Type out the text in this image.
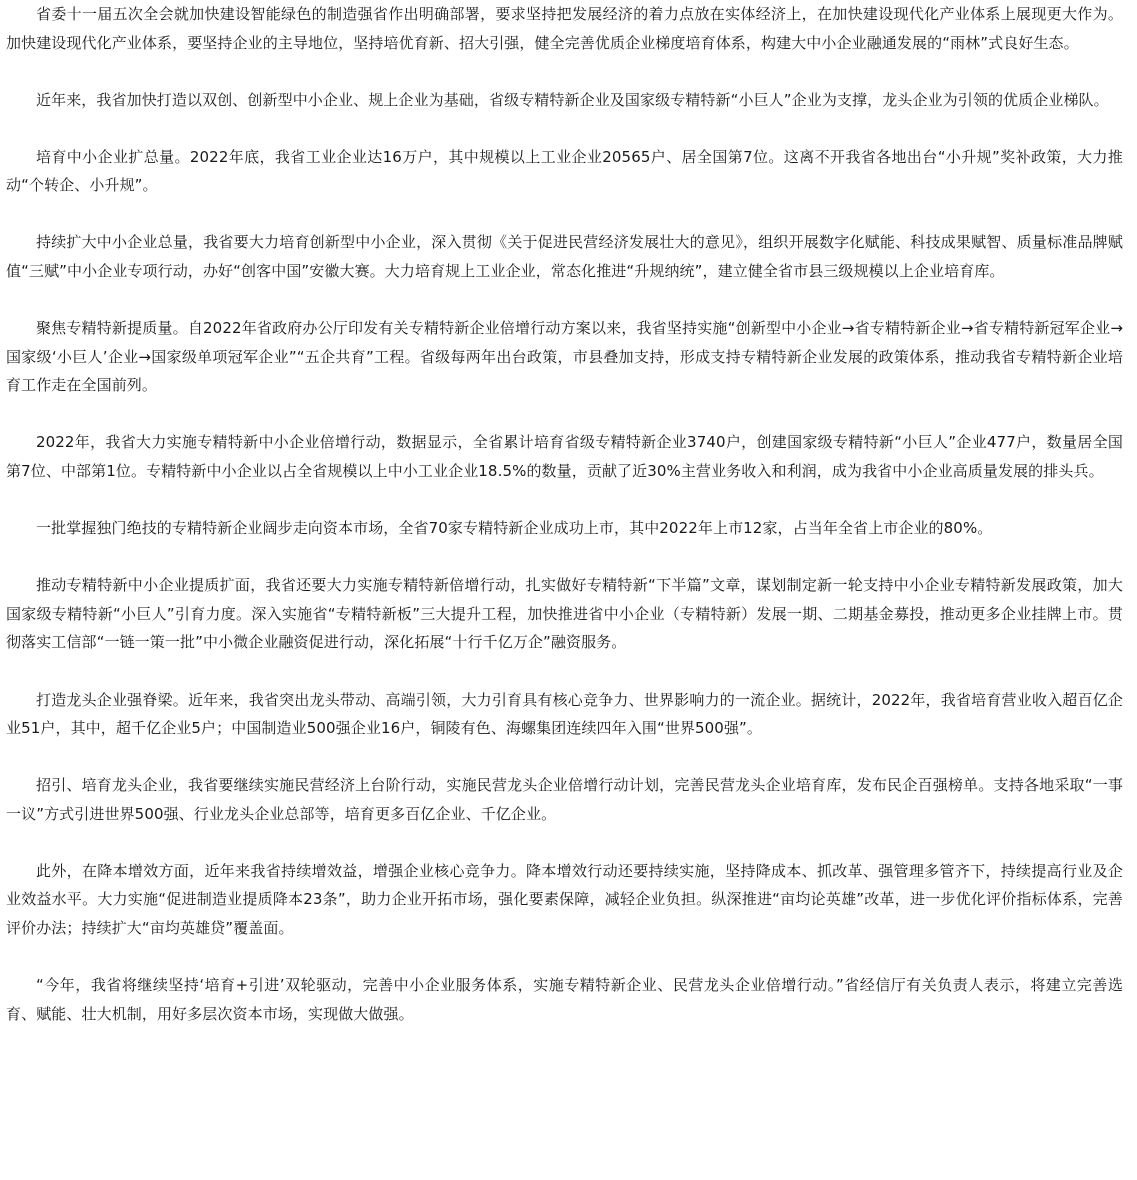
省委十一届五次全会就加快建设智能绿色的制造强省作出明确部署，要求坚持把发展经济的着力点放在实体经济上，在加快建设现代化产业体系上展现更大作为。加快建设现代化产业体系，要坚持企业的主导地位，坚持培优育新、招大引强，健全完善优质企业梯度培育体系，构建大中小企业融通发展的“雨林”式良好生态。

近年来，我省加快打造以双创、创新型中小企业、规上企业为基础，省级专精特新企业及国家级专精特新“小巨人”企业为支撑，龙头企业为引领的优质企业梯队。

培育中小企业扩总量。2022年底，我省工业企业达16万户，其中规模以上工业企业20565户、居全国第7位。这离不开我省各地出台“小升规”奖补政策，大力推动“个转企、小升规”。

持续扩大中小企业总量，我省要大力培育创新型中小企业，深入贯彻《关于促进民营经济发展壮大的意见》，组织开展数字化赋能、科技成果赋智、质量标准品牌赋值“三赋”中小企业专项行动，办好“创客中国”安徽大赛。大力培育规上工业企业，常态化推进“升规纳统”，建立健全省市县三级规模以上企业培育库。

聚焦专精特新提质量。自2022年省政府办公厅印发有关专精特新企业倍增行动方案以来，我省坚持实施“创新型中小企业→省专精特新企业→省专精特新冠军企业→国家级‘小巨人’企业→国家级单项冠军企业”“五企共育”工程。省级每两年出台政策，市县叠加支持，形成支持专精特新企业发展的政策体系，推动我省专精特新企业培育工作走在全国前列。

2022年，我省大力实施专精特新中小企业倍增行动，数据显示，全省累计培育省级专精特新企业3740户，创建国家级专精特新“小巨人”企业477户，数量居全国第7位、中部第1位。专精特新中小企业以占全省规模以上中小工业企业18.5%的数量，贡献了近30%主营业务收入和利润，成为我省中小企业高质量发展的排头兵。

一批掌握独门绝技的专精特新企业阔步走向资本市场，全省70家专精特新企业成功上市，其中2022年上市12家，占当年全省上市企业的80%。

推动专精特新中小企业提质扩面，我省还要大力实施专精特新倍增行动，扎实做好专精特新“下半篇”文章，谋划制定新一轮支持中小企业专精特新发展政策，加大国家级专精特新“小巨人”引育力度。深入实施省“专精特新板”三大提升工程，加快推进省中小企业（专精特新）发展一期、二期基金募投，推动更多企业挂牌上市。贯彻落实工信部“一链一策一批”中小微企业融资促进行动，深化拓展“十行千亿万企”融资服务。

打造龙头企业强脊梁。近年来，我省突出龙头带动、高端引领，大力引育具有核心竞争力、世界影响力的一流企业。据统计，2022年，我省培育营业收入超百亿企业51户，其中，超千亿企业5户；中国制造业500强企业16户，铜陵有色、海螺集团连续四年入围“世界500强”。

招引、培育龙头企业，我省要继续实施民营经济上台阶行动，实施民营龙头企业倍增行动计划，完善民营龙头企业培育库，发布民企百强榜单。支持各地采取“一事一议”方式引进世界500强、行业龙头企业总部等，培育更多百亿企业、千亿企业。

此外，在降本增效方面，近年来我省持续增效益，增强企业核心竞争力。降本增效行动还要持续实施，坚持降成本、抓改革、强管理多管齐下，持续提高行业及企业效益水平。大力实施“促进制造业提质降本23条”，助力企业开拓市场，强化要素保障，减轻企业负担。纵深推进“亩均论英雄”改革，进一步优化评价指标体系，完善评价办法；持续扩大“亩均英雄贷”覆盖面。

“今年，我省将继续坚持‘培育+引进’双轮驱动，完善中小企业服务体系，实施专精特新企业、民营龙头企业倍增行动。”省经信厅有关负责人表示，将建立完善选育、赋能、壮大机制，用好多层次资本市场，实现做大做强。
